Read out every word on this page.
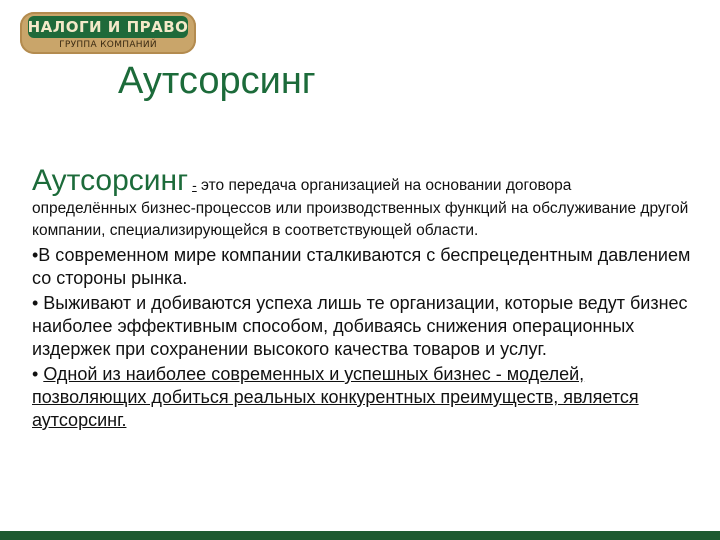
НАЛОГИ И ПРАВО
ГРУППА КОМПАНИЙ
Аутсорсинг
Аутсорсинг - это передача организацией на основании договора
определённых бизнес-процессов или производственных функций на обслуживание другой компании, специализирующейся в соответствующей области.
•В современном мире компании сталкиваются с беспрецедентным давлением со стороны рынка.
• Выживают и добиваются успеха лишь те организации, которые ведут бизнес наиболее эффективным способом, добиваясь снижения операционных издержек при сохранении высокого качества товаров и услуг.
• Одной из наиболее современных и успешных бизнес - моделей, позволяющих добиться реальных конкурентных преимуществ, является аутсорсинг.
